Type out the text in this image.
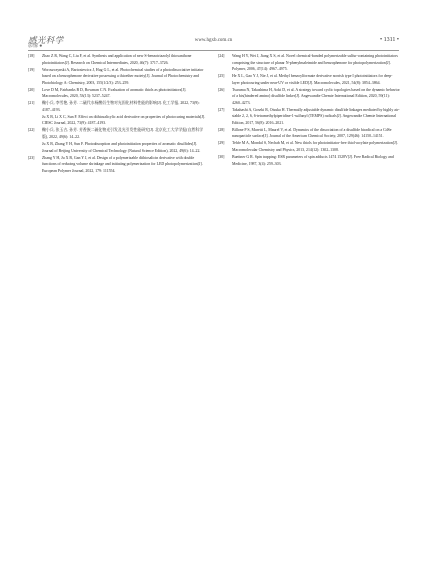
感光科学
影像 ●
www.hgxb.com.cn	• 1311 •
[18] Zhao Z R, Wang C, Liu F, et al. Synthesis and application of new S-benzotriazolyl thioxanthone photoinitiators[J]. Research on Chemical Intermediates, 2020, 46(7): 3717–3726.
[19] Woroszczynski A, Bartosiewicz J, Hug G L, et al. Photochemical studies of a photodissociative initiator based on a benzophenone derivative possessing a thioether moiety[J]. Journal of Photochemistry and Photobiology A: Chemistry, 2003, 155(1/2/3): 253–259.
[20] Love D M, Fairbanks B D, Bowman C N. Evaluation of aromatic thiols as photoinitiators[J]. Macromolecules, 2020, 53(13): 5237–5247.
[21] 鞠小兵, 李雪艳, 孙芳. 二硫代水杨酸衍生物对光固化材料性能的影响[J]. 化工学报, 2022, 73(9): 4187–4193.
Ju X B, Li X C, Sun F. Effect on dithiosalicylic acid derivative on properties of photocuring materials[J]. CIESC Journal, 2022, 73(9): 4187–4193.
[22] 鞠小兵, 张玉吉, 孙芳. 芳香族二硫化物光引发及光引发性能研究[J]. 北京化工大学学报(自然科学版), 2022, 49(6): 14–22.
Ju X B, Zhang Y H, Sun F. Photoabsorption and photoinitiation properties of aromatic disulfides[J]. Journal of Beijing University of Chemical Technology (Natural Science Edition), 2022, 49(6): 14–22.
[23] Zhang Y H, Ju X B, Gan Y J, et al. Design of a polymerizable dithiosalicin derivative with double functions of reducing volume shrinkage and initiating polymerization for LED photopolymerization[J]. European Polymer Journal, 2022, 179: 111554.
[24] Wang H Y, Wei J, Jiang X S, et al. Novel chemical-bonded polymerizable sulfur-containing photoinitiators comprising the structure of planar N-phenylmaleimide and benzophenone for photopolymerization[J]. Polymer, 2006, 47(14): 4967–4975.
[25] He X L, Gao Y J, Nie J, et al. Methyl benzoylformate derivative norrish type I photoinitiators for deep-layer photocuring under near-UV or visible LED[J]. Macromolecules, 2021, 54(8): 3854–3864.
[26] Tsuruma N, Takashima H, Aoki D, et al. A strategy toward cyclic topologies based on the dynamic behavior of a bis(hindered amino) disulfide linker[J]. Angewandte Chemie International Edition, 2020, 59(11): 4260–4273.
[27] Takahashi A, Goseki R, Otsuka H. Thermally adjustable dynamic disulfide linkages mediated by highly air-stable 2, 2, 6, 6-tetramethylpiperidine-1-sulfanyl (TEMPS) radicals[J]. Angewandte Chemie International Edition, 2017, 56(8): 2016–2021.
[28] Billone P S, Maretti L, Maurel V, et al. Dynamics of the dissociation of a disulfide biradical on a CdSe nanoparticle surface[J]. Journal of the American Chemical Society, 2007, 129(46): 14150–14151.
[29] Tehfe M A, Mondal S, Nechab M, et al. New thiols for photoinitiator-free thiol-acrylate polymerization[J]. Macromolecular Chemistry and Physics, 2013, 214(12): 1302–1308.
[30] Buettner G R. Spin trapping: ESR parameters of spin adducts 1474 1528V[J]. Free Radical Biology and Medicine, 1987, 3(4): 259–303.
